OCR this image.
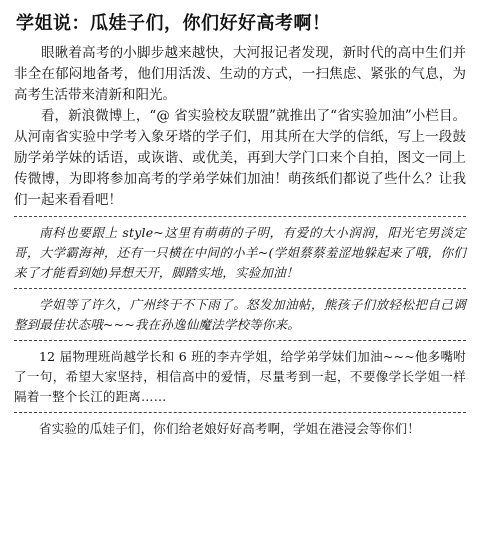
学姐说：瓜娃子们，你们好好高考啊！

眼瞅着高考的小脚步越来越快，大河报记者发现，新时代的高中生们并非全在郁闷地备考，他们用活泼、生动的方式，一扫焦虑、紧张的气息，为高考生活带来清新和阳光。

看，新浪微博上，“@ 省实验校友联盟”就推出了“省实验加油”小栏目。从河南省实验中学考入象牙塔的学子们，用其所在大学的信纸，写上一段鼓励学弟学妹的话语，或诙谐、或优美，再到大学门口来个自拍，图文一同上传微博，为即将参加高考的学弟学妹们加油！萌孩纸们都说了些什么？让我们一起来看看吧！

南科也要跟上 style~这里有萌萌的子明，有爱的大小润润，阳光宅男淡定哥，大学霸海神，还有一只横在中间的小羊~(学姐蔡蔡羞涩地躲起来了哦，你们来了才能看到她)异想天开，脚踏实地，实验加油！

学姐等了许久，广州终于不下雨了。怒发加油帖，熊孩子们放轻松把自己调整到最佳状态哦~~~我在孙逸仙魔法学校等你来。

12 届物理班尚越学长和 6 班的李卉学姐，给学弟学妹们加油~~~他多嘴咐了一句，希望大家坚持，相信高中的爱情，尽量考到一起，不要像学长学姐一样隔着一整个长江的距离……

省实验的瓜娃子们，你们给老娘好好高考啊，学姐在港浸会等你们！
